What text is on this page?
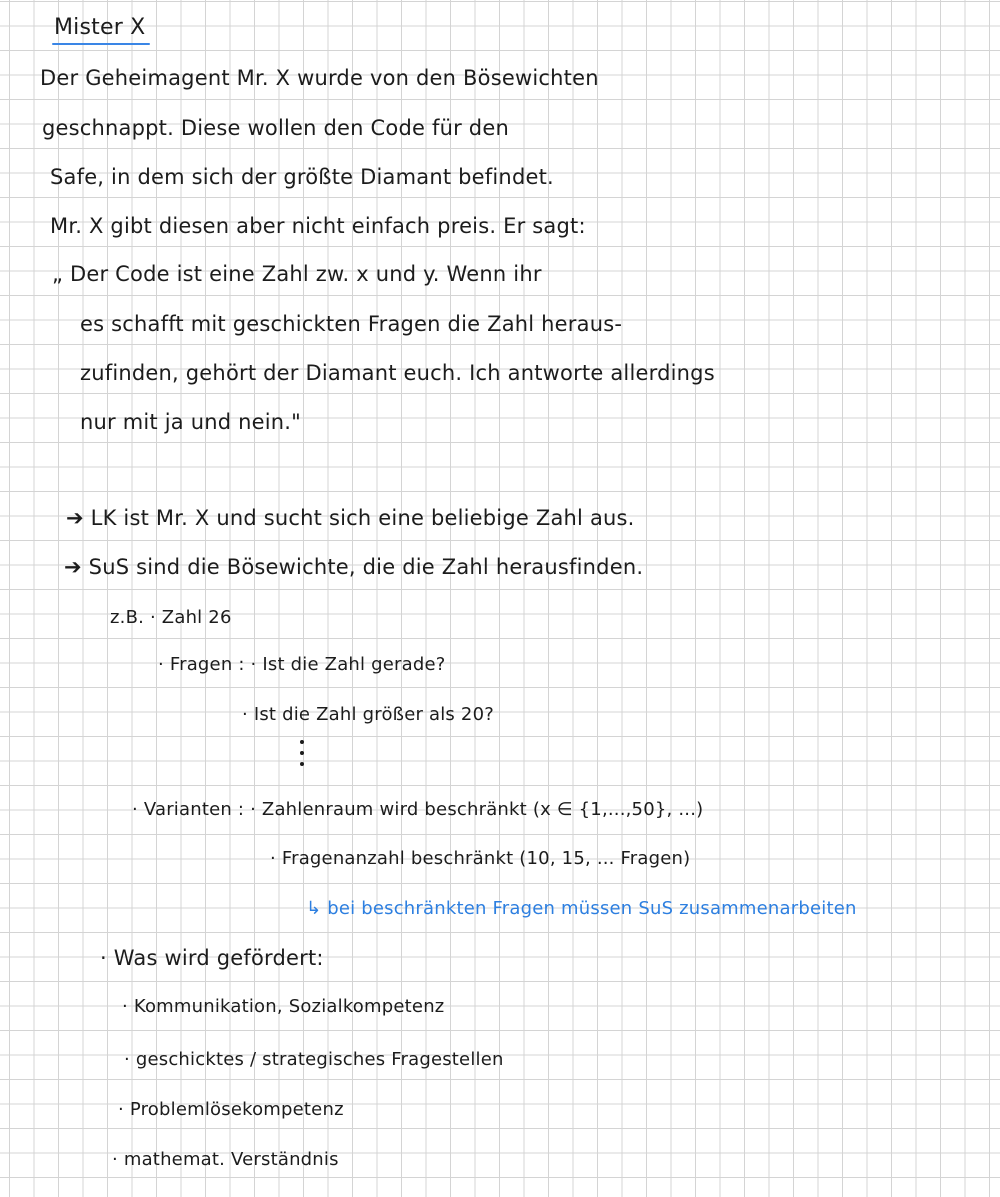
Mister X
Der Geheimagent Mr. X wurde von den Bösewichten
geschnappt. Diese wollen den Code für den
Safe, in dem sich der größte Diamant befindet.
Mr. X gibt diesen aber nicht einfach preis. Er sagt:
„ Der Code ist eine Zahl zw. x und y. Wenn ihr
es schafft mit geschickten Fragen die Zahl heraus-
zufinden, gehört der Diamant euch. Ich antworte allerdings
nur mit ja und nein."
➔ LK ist Mr. X und sucht sich eine beliebige Zahl aus.
➔ SuS sind die Bösewichte, die die Zahl herausfinden.
z.B. · Zahl 26
· Fragen : · Ist die Zahl gerade?
· Ist die Zahl größer als 20?
· Varianten : · Zahlenraum wird beschränkt (x ∈ {1,...,50}, ...)
· Fragenanzahl beschränkt (10, 15, ... Fragen)
↳ bei beschränkten Fragen müssen SuS zusammenarbeiten
· Was wird gefördert:
· Kommunikation, Sozialkompetenz
· geschicktes / strategisches Fragestellen
· Problemlösekompetenz
· mathemat. Verständnis
